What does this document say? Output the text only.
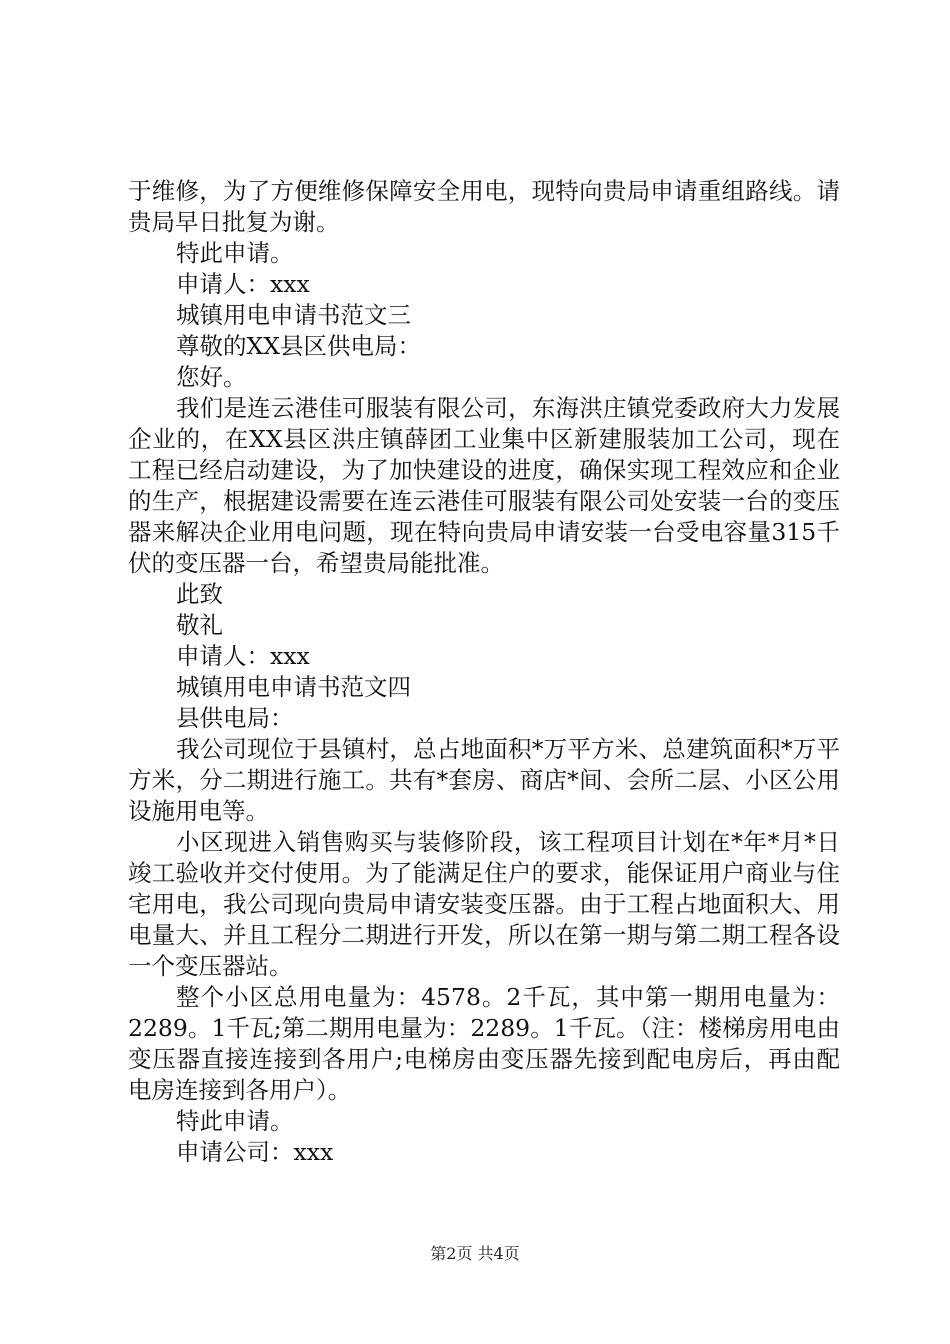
于维修，为了方便维修保障安全用电，现特向贵局申请重组路线。请贵局早日批复为谢。

特此申请。

申请人：xxx

城镇用电申请书范文三

尊敬的XX县区供电局：

您好。

我们是连云港佳可服装有限公司，东海洪庄镇党委政府大力发展企业的，在XX县区洪庄镇薛团工业集中区新建服装加工公司，现在工程已经启动建设，为了加快建设的进度，确保实现工程效应和企业的生产，根据建设需要在连云港佳可服装有限公司处安装一台的变压器来解决企业用电问题，现在特向贵局申请安装一台受电容量315千伏的变压器一台，希望贵局能批准。

此致

敬礼

申请人：xxx

城镇用电申请书范文四

县供电局：

我公司现位于县镇村，总占地面积*万平方米、总建筑面积*万平方米，分二期进行施工。共有*套房、商店*间、会所二层、小区公用设施用电等。

小区现进入销售购买与装修阶段，该工程项目计划在*年*月*日竣工验收并交付使用。为了能满足住户的要求，能保证用户商业与住宅用电，我公司现向贵局申请安装变压器。由于工程占地面积大、用电量大、并且工程分二期进行开发，所以在第一期与第二期工程各设一个变压器站。

整个小区总用电量为：4578。2千瓦，其中第一期用电量为：2289。1千瓦;第二期用电量为：2289。1千瓦。（注：楼梯房用电由变压器直接连接到各用户;电梯房由变压器先接到配电房后，再由配电房连接到各用户）。

特此申请。

申请公司：xxx

第2页 共4页
